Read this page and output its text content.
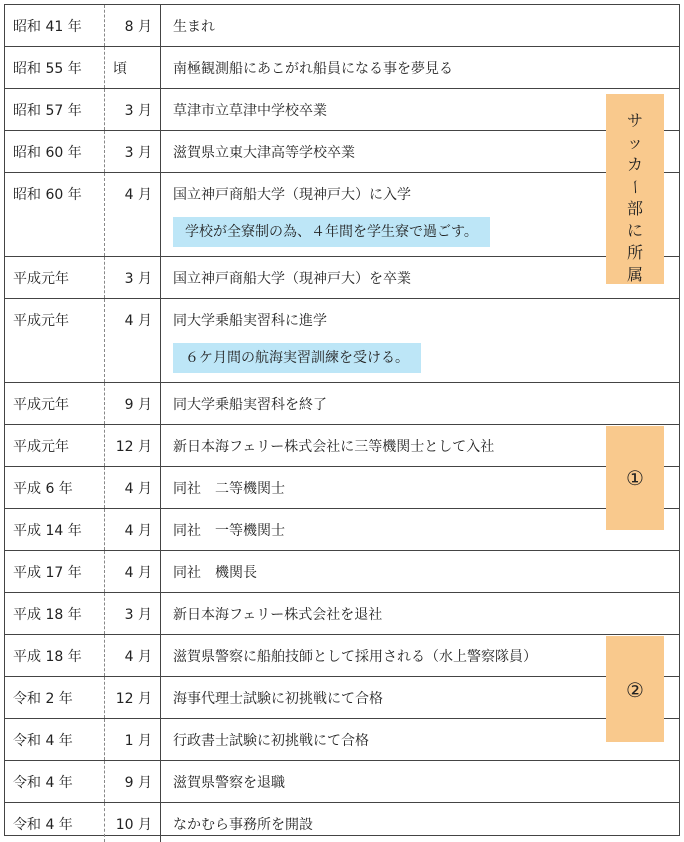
昭和 41 年	8 月 生まれ
昭和 55 年 頃	南極観測船にあこがれ船員になる事を夢見る
昭和 57 年	3 月 草津市立草津中学校卒業
昭和 60 年	3 月 滋賀県立東大津高等学校卒業
昭和 60 年	4 月 国立神戸商船大学（現神戸大）に入学
学校が全寮制の為、４年間を学生寮で過ごす。
平成元年	3 月 国立神戸商船大学（現神戸大）を卒業
平成元年	4 月 同大学乗船実習科に進学
６ケ月間の航海実習訓練を受ける。
平成元年	9 月 同大学乗船実習科を終了
平成元年	12 月 新日本海フェリー株式会社に三等機関士として入社
平成 6 年	4 月 同社　二等機関士
平成 14 年	4 月 同社　一等機関士
平成 17 年	4 月 同社　機関長
平成 18 年	3 月 新日本海フェリー株式会社を退社
平成 18 年	4 月 滋賀県警察に船舶技師として採用される（水上警察隊員）
令和 2 年	12 月 海事代理士試験に初挑戦にて合格
令和 4 年	1 月 行政書士試験に初挑戦にて合格
令和 4 年	9 月 滋賀県警察を退職
令和 4 年	10 月 なかむら事務所を開設
サ
ッ
カ
ー
部
に
所
属
①
②
